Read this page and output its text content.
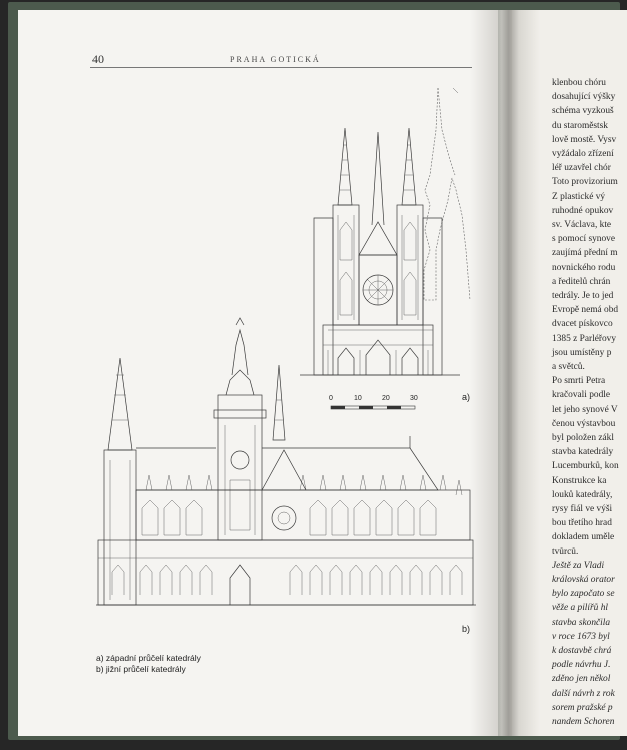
klenbou chóru
dosahující výšky
schéma vyzkouš
du staroměstsk
lově mostě. Vysv
vyžádalo zřízení
léř uzavřel chór
Toto provizorium
Z plastické vý
ruhodné opukov
sv. Václava, kte
s pomocí synove
zaujímá přední m
novnického rodu
a ředitelů chrán
tedrály. Je to jed
Evropě nemá obd
dvacet pískovco
1385 z Parléřovy
jsou umístěny p
a světců.
Po smrti Petra
kračovali podle
let jeho synové V
čenou výstavbou
byl položen zákl
stavba katedrály
Lucemburků, kon
Konstrukce ka
louků katedrály,
rysy fiál ve výši
bou třetího hrad
dokladem uměle
tvůrců.
Ještě za Vladi
královská orator
bylo započato se
věže a pilířů hl
stavba skončila
v roce 1673 byl
k dostavbě chrá
podle návrhu J.
zděno jen někol
další návrh z rok
sorem pražské p
nandem Schoren
40	PRAHA GOTICKÁ
0	10	20	30	a)
b)
a) západní průčelí katedrály
b) jižní průčelí katedrály
